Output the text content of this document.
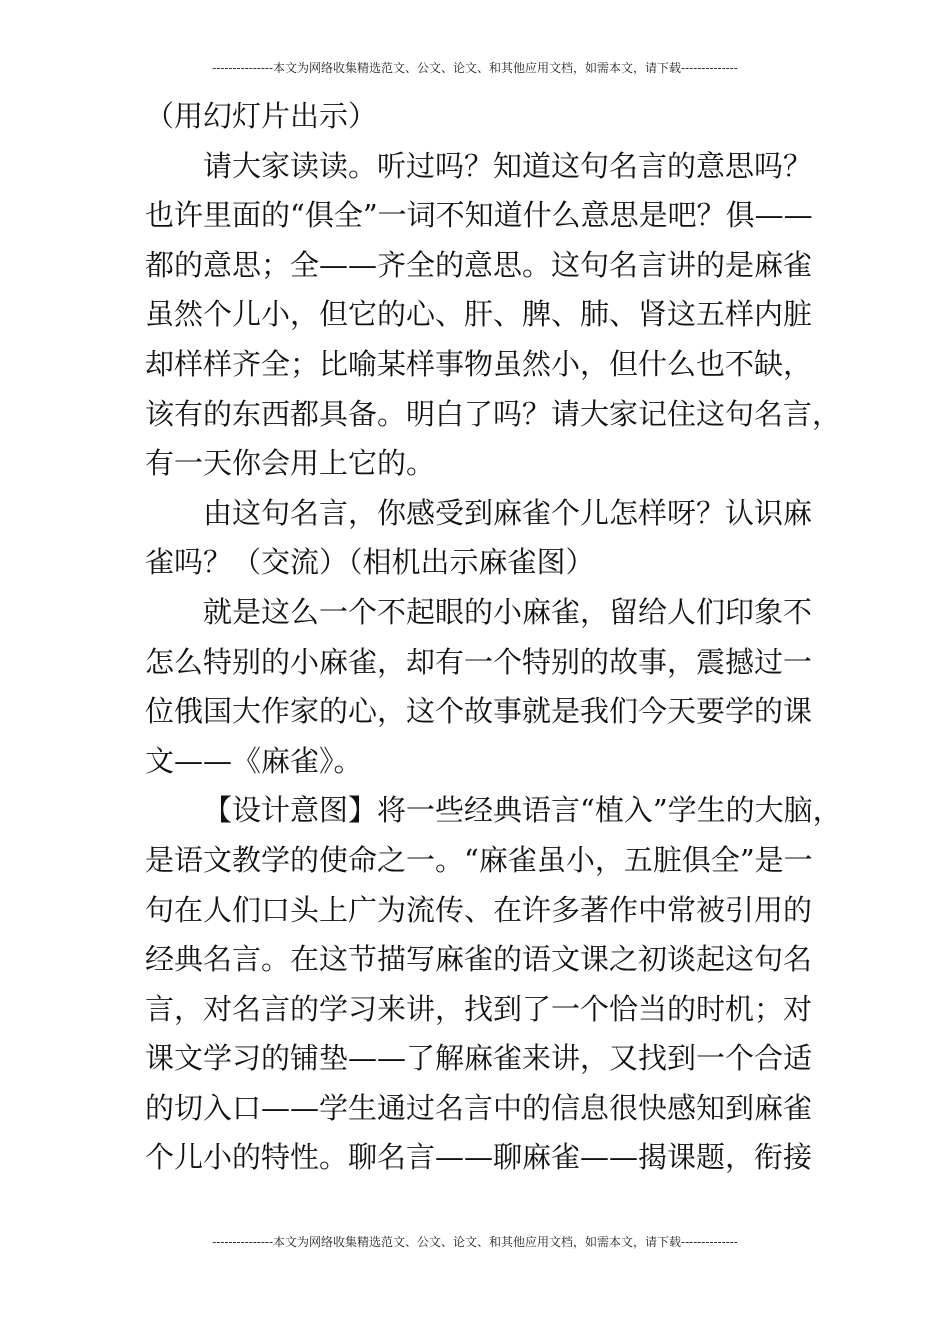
---------------本文为网络收集精选范文、公文、论文、和其他应用文档，如需本文，请下载--------------
（用幻灯片出示）
请大家读读。听过吗？知道这句名言的意思吗？
也许里面的“俱全”一词不知道什么意思是吧？俱——
都的意思；全——齐全的意思。这句名言讲的是麻雀
虽然个儿小，但它的心、肝、脾、肺、肾这五样内脏
却样样齐全；比喻某样事物虽然小，但什么也不缺，
该有的东西都具备。明白了吗？请大家记住这句名言，
有一天你会用上它的。
由这句名言，你感受到麻雀个儿怎样呀？认识麻
雀吗？（交流）（相机出示麻雀图）
就是这么一个不起眼的小麻雀，留给人们印象不
怎么特别的小麻雀，却有一个特别的故事，震撼过一
位俄国大作家的心，这个故事就是我们今天要学的课
文——《麻雀》。
【设计意图】将一些经典语言“植入”学生的大脑，
是语文教学的使命之一。“麻雀虽小，五脏俱全”是一
句在人们口头上广为流传、在许多著作中常被引用的
经典名言。在这节描写麻雀的语文课之初谈起这句名
言，对名言的学习来讲，找到了一个恰当的时机；对
课文学习的铺垫——了解麻雀来讲，又找到一个合适
的切入口——学生通过名言中的信息很快感知到麻雀
个儿小的特性。聊名言——聊麻雀——揭课题，衔接
---------------本文为网络收集精选范文、公文、论文、和其他应用文档，如需本文，请下载--------------
